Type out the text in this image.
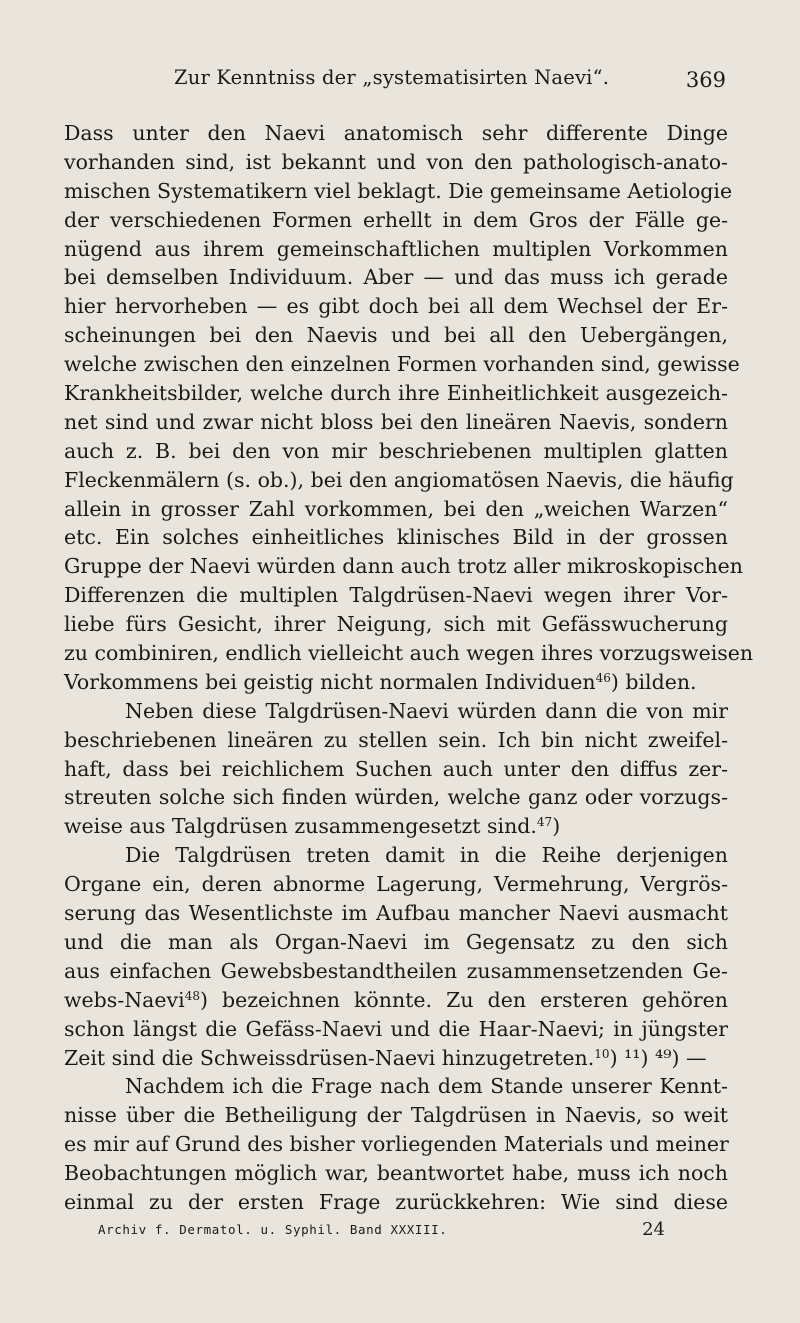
Zur Kenntniss der „systematisirten Naevi“.	369
Dass unter den Naevi anatomisch sehr differente Dinge
vorhanden sind, ist bekannt und von den pathologisch-anato-
mischen Systematikern viel beklagt. Die gemeinsame Aetiologie
der verschiedenen Formen erhellt in dem Gros der Fälle ge-
nügend aus ihrem gemeinschaftlichen multiplen Vorkommen
bei demselben Individuum. Aber — und das muss ich gerade
hier hervorheben — es gibt doch bei all dem Wechsel der Er-
scheinungen bei den Naevis und bei all den Uebergängen,
welche zwischen den einzelnen Formen vorhanden sind, gewisse
Krankheitsbilder, welche durch ihre Einheitlichkeit ausgezeich-
net sind und zwar nicht bloss bei den lineären Naevis, sondern
auch z. B. bei den von mir beschriebenen multiplen glatten
Fleckenmälern (s. ob.), bei den angiomatösen Naevis, die häufig
allein in grosser Zahl vorkommen, bei den „weichen Warzen“
etc. Ein solches einheitliches klinisches Bild in der grossen
Gruppe der Naevi würden dann auch trotz aller mikroskopischen
Differenzen die multiplen Talgdrüsen-Naevi wegen ihrer Vor-
liebe fürs Gesicht, ihrer Neigung, sich mit Gefässwucherung
zu combiniren, endlich vielleicht auch wegen ihres vorzugsweisen
Vorkommens bei geistig nicht normalen Individuen$^{46}$) bilden.
Neben diese Talgdrüsen-Naevi würden dann die von mir
beschriebenen lineären zu stellen sein. Ich bin nicht zweifel-
haft, dass bei reichlichem Suchen auch unter den diffus zer-
streuten solche sich finden würden, welche ganz oder vorzugs-
weise aus Talgdrüsen zusammengesetzt sind.$^{47}$)
Die Talgdrüsen treten damit in die Reihe derjenigen
Organe ein, deren abnorme Lagerung, Vermehrung, Vergrös-
serung das Wesentlichste im Aufbau mancher Naevi ausmacht
und die man als Organ-Naevi im Gegensatz zu den sich
aus einfachen Gewebsbestandtheilen zusammensetzenden Ge-
webs-Naevi$^{48}$) bezeichnen könnte. Zu den ersteren gehören
schon längst die Gefäss-Naevi und die Haar-Naevi; in jüngster
Zeit sind die Schweissdrüsen-Naevi hinzugetreten.$^{10}$) ¹¹) ⁴⁹) —
Nachdem ich die Frage nach dem Stande unserer Kennt-
nisse über die Betheiligung der Talgdrüsen in Naevis, so weit
es mir auf Grund des bisher vorliegenden Materials und meiner
Beobachtungen möglich war, beantwortet habe, muss ich noch
einmal zu der ersten Frage zurückkehren: Wie sind diese
Archiv f. Dermatol. u. Syphil. Band XXXIII.	24
